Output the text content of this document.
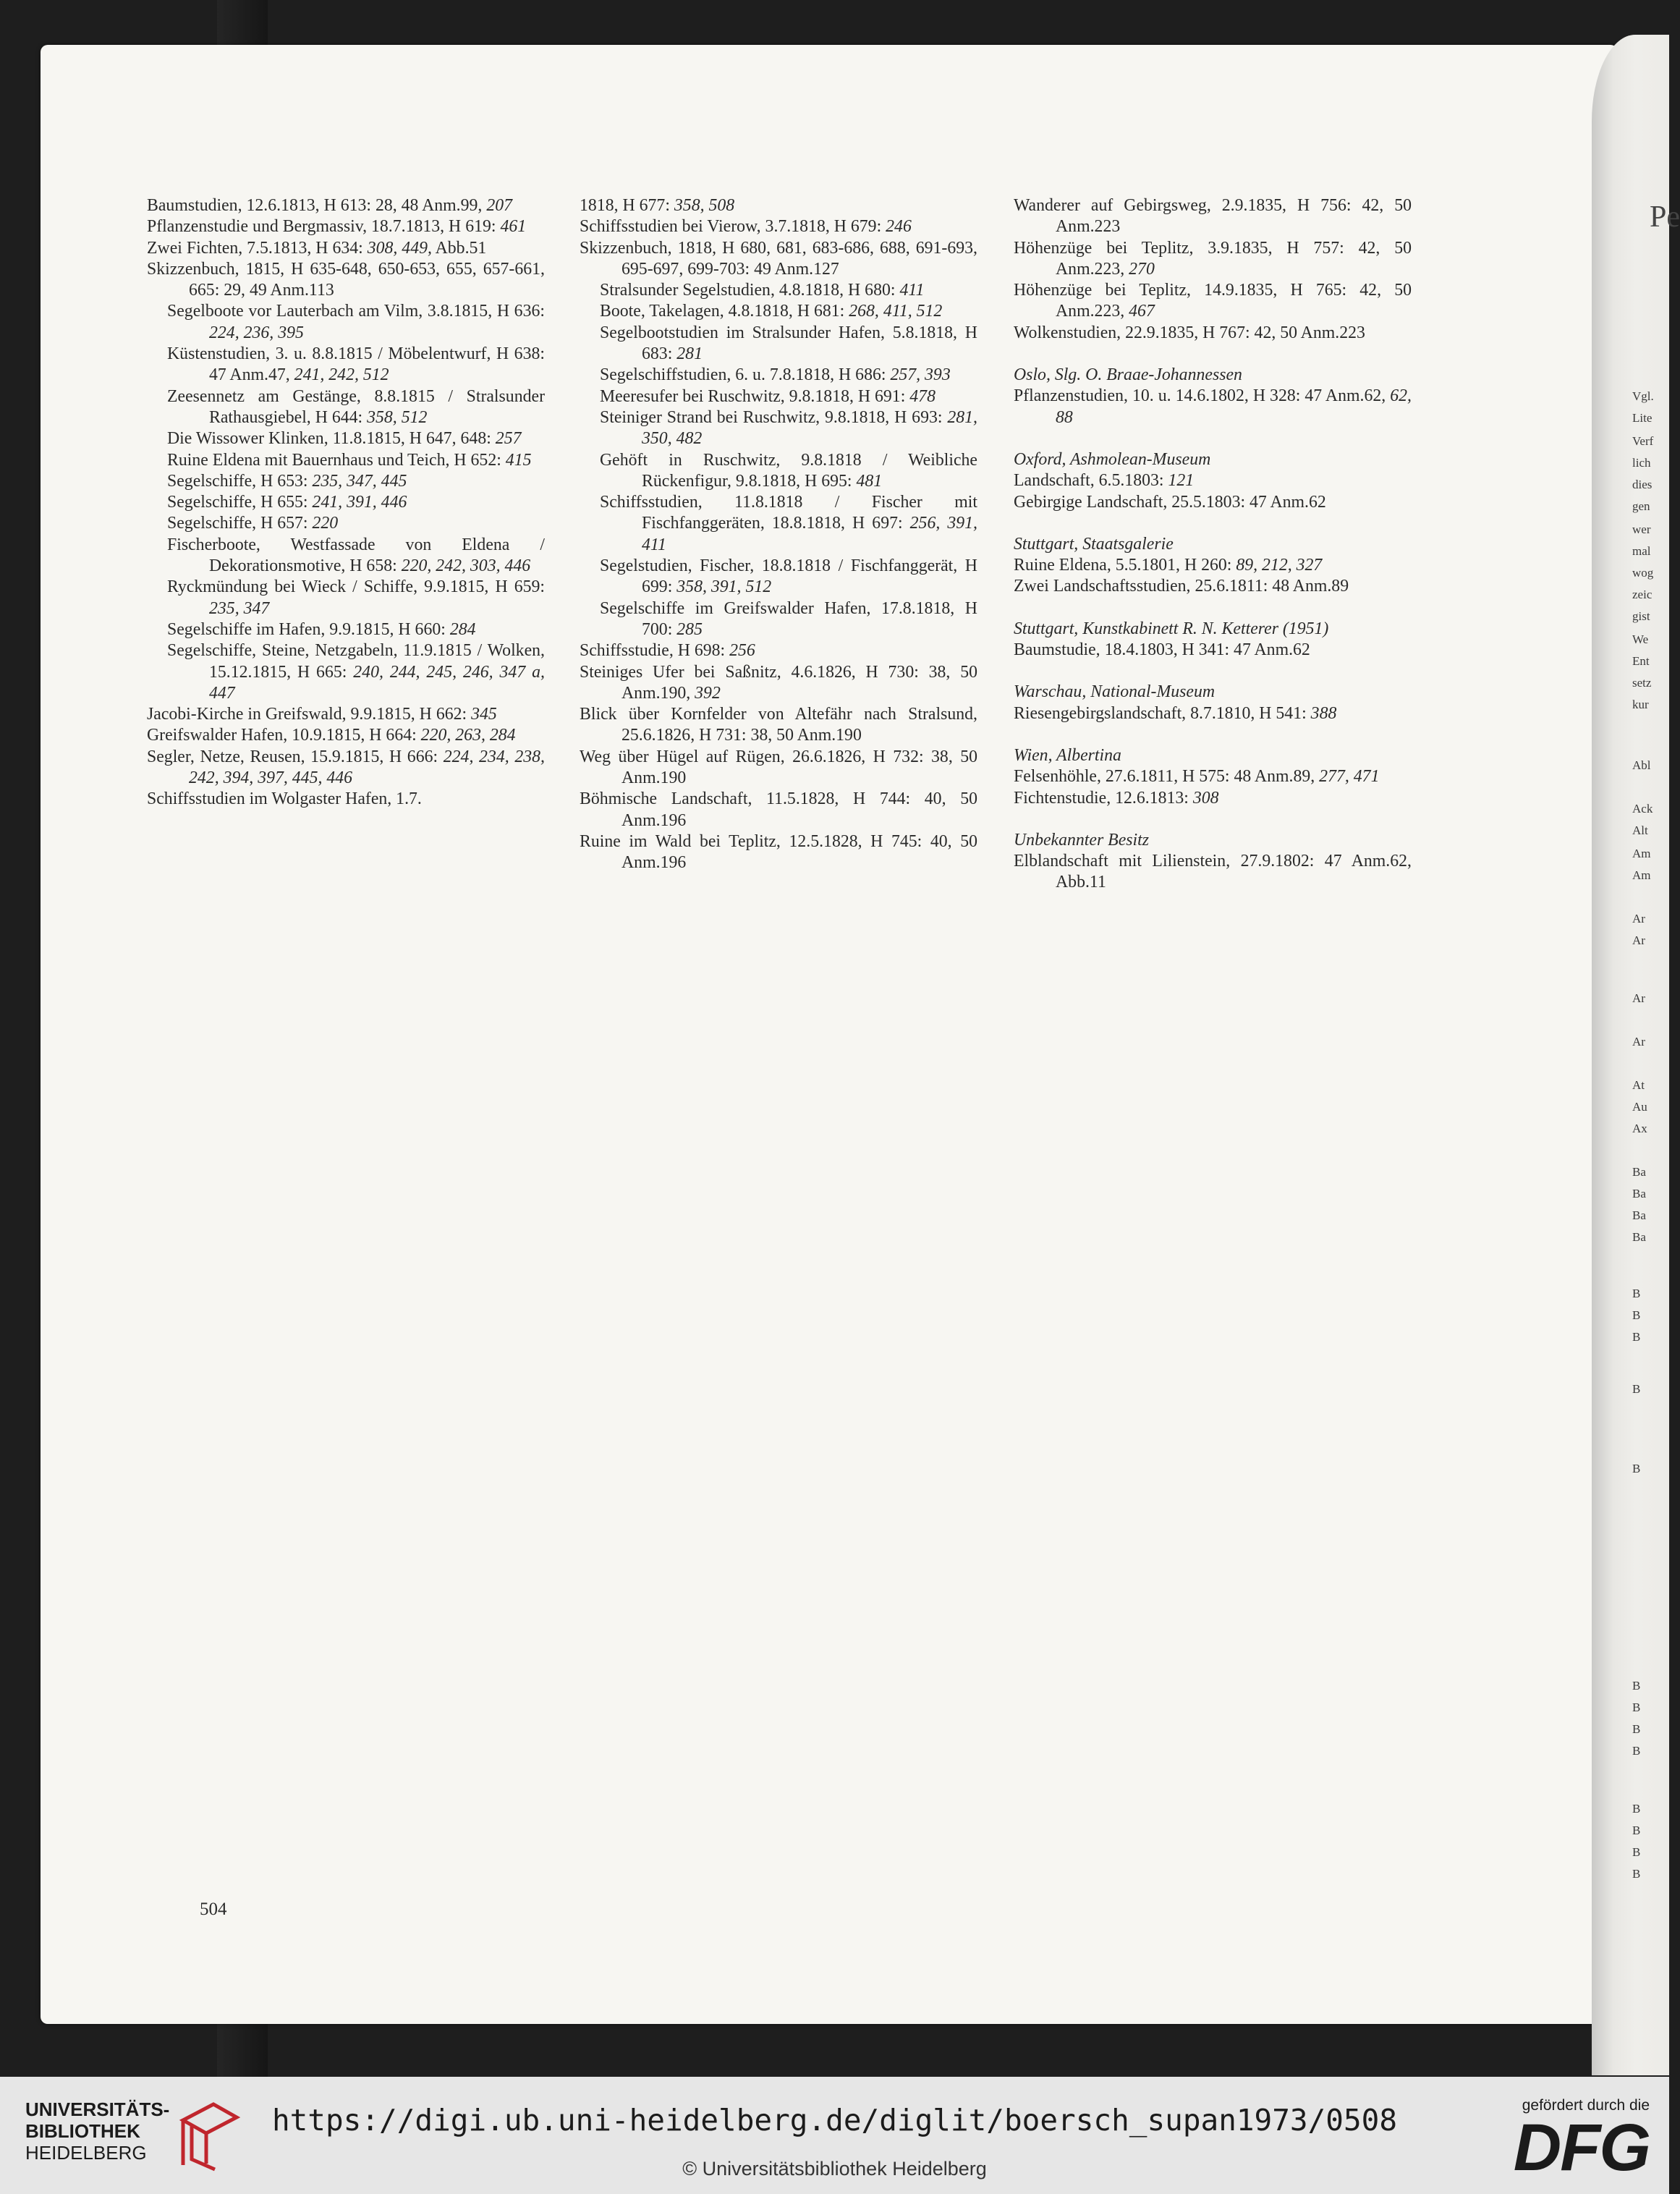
Pe
Vgl.
Lite
Verf
lich
dies
gen
wer
mal
wog
zeic
gist
We
Ent
setz
kur
Abl
Ack
Alt
Am
Am
Ar
Ar
Ar
Ar
At
Au
Ax
Ba
Ba
Ba
Ba
B
B
B
B
B
B
B
B
B
B
B
B
B
Baumstudien, 12.6.1813, H 613: 28, 48 Anm.99, 207
Pflanzenstudie und Bergmassiv, 18.7.1813, H 619: 461
Zwei Fichten, 7.5.1813, H 634: 308, 449, Abb.51
Skizzenbuch, 1815, H 635-648, 650-653, 655, 657-661, 665: 29, 49 Anm.113
Segelboote vor Lauterbach am Vilm, 3.8.1815, H 636: 224, 236, 395
Küstenstudien, 3. u. 8.8.1815 / Möbelentwurf, H 638: 47 Anm.47, 241, 242, 512
Zeesennetz am Gestänge, 8.8.1815 / Stralsunder Rathausgiebel, H 644: 358, 512
Die Wissower Klinken, 11.8.1815, H 647, 648: 257
Ruine Eldena mit Bauernhaus und Teich, H 652: 415
Segelschiffe, H 653: 235, 347, 445
Segelschiffe, H 655: 241, 391, 446
Segelschiffe, H 657: 220
Fischerboote, Westfassade von Eldena / Dekorationsmotive, H 658: 220, 242, 303, 446
Ryckmündung bei Wieck / Schiffe, 9.9.1815, H 659: 235, 347
Segelschiffe im Hafen, 9.9.1815, H 660: 284
Segelschiffe, Steine, Netzgabeln, 11.9.1815 / Wolken, 15.12.1815, H 665: 240, 244, 245, 246, 347 a, 447
Jacobi-Kirche in Greifswald, 9.9.1815, H 662: 345
Greifswalder Hafen, 10.9.1815, H 664: 220, 263, 284
Segler, Netze, Reusen, 15.9.1815, H 666: 224, 234, 238, 242, 394, 397, 445, 446
Schiffsstudien im Wolgaster Hafen, 1.7.
1818, H 677: 358, 508
Schiffsstudien bei Vierow, 3.7.1818, H 679: 246
Skizzenbuch, 1818, H 680, 681, 683-686, 688, 691-693, 695-697, 699-703: 49 Anm.127
Stralsunder Segelstudien, 4.8.1818, H 680: 411
Boote, Takelagen, 4.8.1818, H 681: 268, 411, 512
Segelbootstudien im Stralsunder Hafen, 5.8.1818, H 683: 281
Segelschiffstudien, 6. u. 7.8.1818, H 686: 257, 393
Meeresufer bei Ruschwitz, 9.8.1818, H 691: 478
Steiniger Strand bei Ruschwitz, 9.8.1818, H 693: 281, 350, 482
Gehöft in Ruschwitz, 9.8.1818 / Weibliche Rückenfigur, 9.8.1818, H 695: 481
Schiffsstudien, 11.8.1818 / Fischer mit Fischfanggeräten, 18.8.1818, H 697: 256, 391, 411
Segelstudien, Fischer, 18.8.1818 / Fischfanggerät, H 699: 358, 391, 512
Segelschiffe im Greifswalder Hafen, 17.8.1818, H 700: 285
Schiffsstudie, H 698: 256
Steiniges Ufer bei Saßnitz, 4.6.1826, H 730: 38, 50 Anm.190, 392
Blick über Kornfelder von Altefähr nach Stralsund, 25.6.1826, H 731: 38, 50 Anm.190
Weg über Hügel auf Rügen, 26.6.1826, H 732: 38, 50 Anm.190
Böhmische Landschaft, 11.5.1828, H 744: 40, 50 Anm.196
Ruine im Wald bei Teplitz, 12.5.1828, H 745: 40, 50 Anm.196
Wanderer auf Gebirgsweg, 2.9.1835, H 756: 42, 50 Anm.223
Höhenzüge bei Teplitz, 3.9.1835, H 757: 42, 50 Anm.223, 270
Höhenzüge bei Teplitz, 14.9.1835, H 765: 42, 50 Anm.223, 467
Wolkenstudien, 22.9.1835, H 767: 42, 50 Anm.223
Oslo, Slg. O. Braae-Johannessen
Pflanzenstudien, 10. u. 14.6.1802, H 328: 47 Anm.62, 62, 88
Oxford, Ashmolean-Museum
Landschaft, 6.5.1803: 121
Gebirgige Landschaft, 25.5.1803: 47 Anm.62
Stuttgart, Staatsgalerie
Ruine Eldena, 5.5.1801, H 260: 89, 212, 327
Zwei Landschaftsstudien, 25.6.1811: 48 Anm.89
Stuttgart, Kunstkabinett R. N. Ketterer (1951)
Baumstudie, 18.4.1803, H 341: 47 Anm.62
Warschau, National-Museum
Riesengebirgslandschaft, 8.7.1810, H 541: 388
Wien, Albertina
Felsenhöhle, 27.6.1811, H 575: 48 Anm.89, 277, 471
Fichtenstudie, 12.6.1813: 308
Unbekannter Besitz
Elblandschaft mit Lilienstein, 27.9.1802: 47 Anm.62, Abb.11
504
UNIVERSITÄTS-
BIBLIOTHEK
HEIDELBERG
https://digi.ub.uni-heidelberg.de/diglit/boersch_supan1973/0508
© Universitätsbibliothek Heidelberg
gefördert durch die
DFG
